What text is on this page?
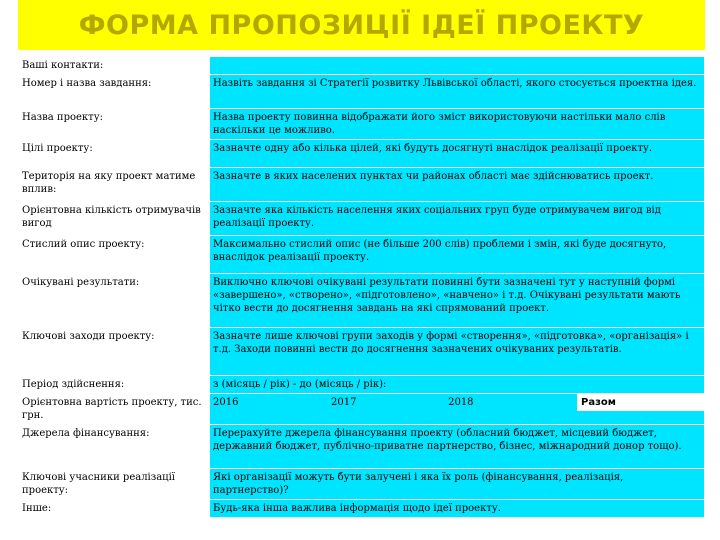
ФОРМА ПРОПОЗИЦІЇ ІДЕЇ ПРОЕКТУ
Ваші контакти:	
Номер і назва завдання:	Назвіть завдання зі Стратегії розвитку Львівської області, якого стосується проектна ідея.
Назва проекту:	Назва проекту повинна відображати його зміст використовуючи настільки мало слів наскільки це можливо.
Цілі проекту:	Зазначте одну або кілька цілей, які будуть досягнуті внаслідок реалізації проекту.
Територія на яку проект матиме вплив:	Зазначте в яких населених пунктах чи районах області має здійснюватись проект.
Орієнтовна кількість отримувачів вигод	Зазначте яка кількість населення яких соціальних груп буде отримувачем вигод від реалізації проекту.
Стислий опис проекту:	Максимально стислий опис (не більше 200 слів) проблеми і змін, які буде досягнуто, внаслідок реалізації проекту.
Очікувані результати:	Виключно ключові очікувані результати повинні бути зазначені тут у наступній формі «завершено», «створено», «підготовлено», «навчено» і т.д. Очікувані результати мають чітко вести до досягнення завдань на які спрямований проект.
Ключові заходи проекту:	Зазначте лише ключові групи заходів у формі «створення», «підготовка», «організація» і т.д. Заходи повинні вести до досягнення зазначених очікуваних результатів.
Період здійснення:	з (місяць / рік) - до (місяць / рік):
Орієнтовна вартість проекту, тис. грн.	2016 2017 2018 Разом

Джерела фінансування:	Перерахуйте джерела фінансування проекту (обласний бюджет, місцевий бюджет, державний бюджет, публічно-приватне партнерство, бізнес, міжнародний донор тощо).
Ключові учасники реалізації проекту:	Які організації можуть бути залучені і яка їх роль (фінансування, реалізація, партнерство)?
Інше:	Будь-яка інша важлива інформація щодо ідеї проекту.
